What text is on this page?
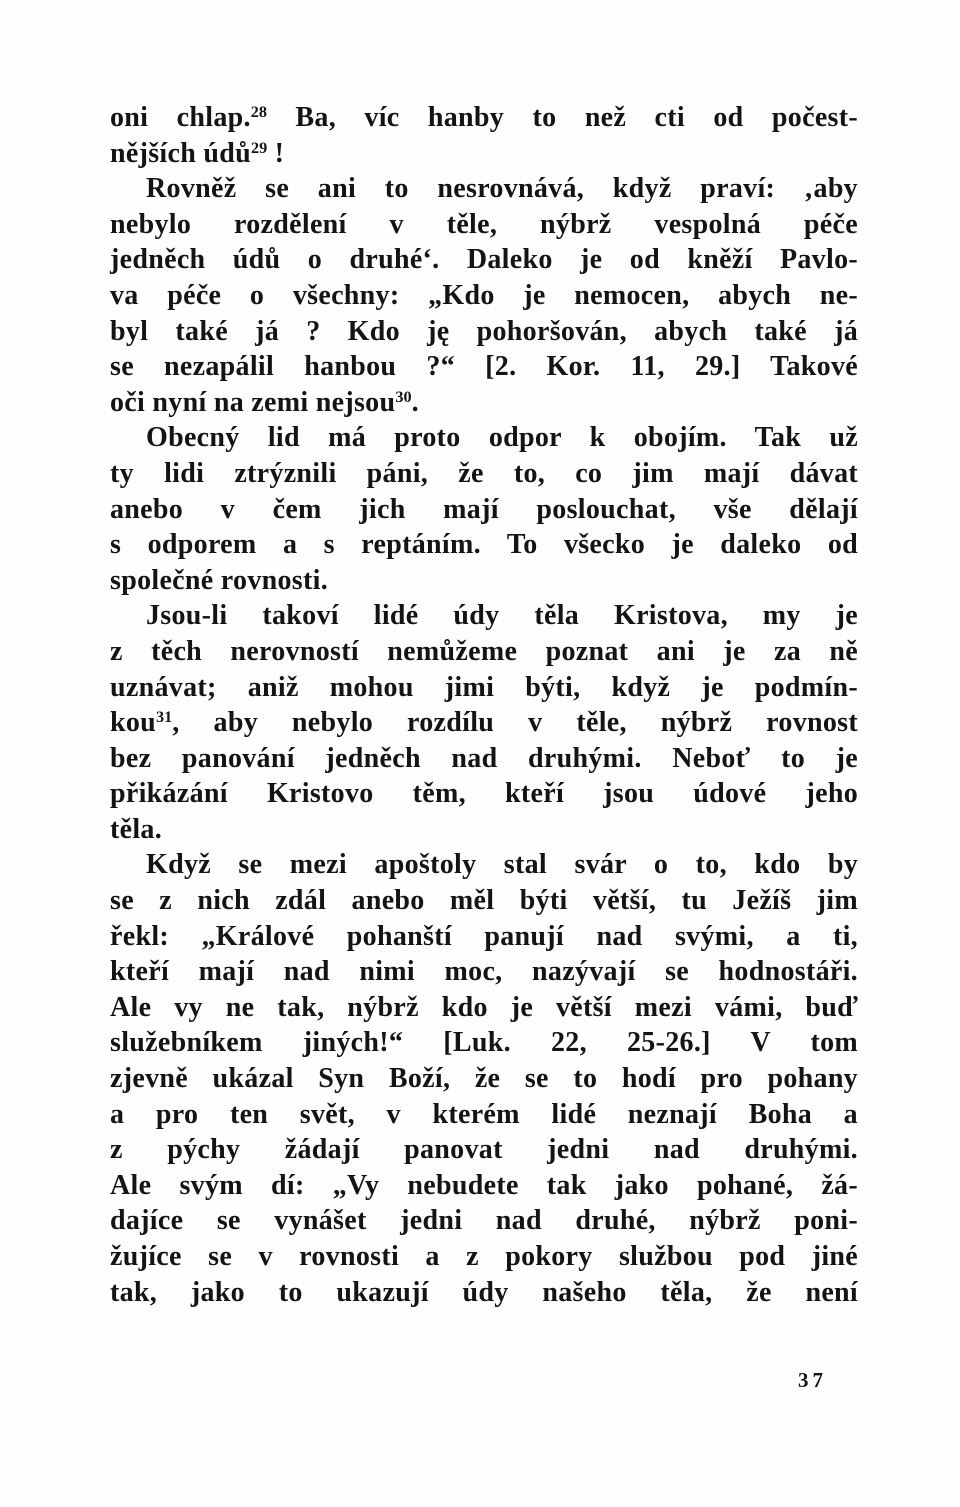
oni chlap.28 Ba, víc hanby to než cti od počest-
nějších údů29 !
Rovněž se ani to nesrovnává, když praví: ‚aby
nebylo rozdělení v těle, nýbrž vespolná péče
jedněch údů o druhé‘. Daleko je od kněží Pavlo-
va péče o všechny: „Kdo je nemocen, abych ne-
byl také já ? Kdo ję pohoršován, abych také já
se nezapálil hanbou ?“ [2. Kor. 11, 29.] Takové
oči nyní na zemi nejsou30.
Obecný lid má proto odpor k obojím. Tak už
ty lidi ztrýznili páni, že to, co jim mají dávat
anebo v čem jich mají poslouchat, vše dělají
s odporem a s reptáním. To všecko je daleko od
společné rovnosti.
Jsou-li takoví lidé údy těla Kristova, my je
z těch nerovností nemůžeme poznat ani je za ně
uznávat; aniž mohou jimi býti, když je podmín-
kou31, aby nebylo rozdílu v těle, nýbrž rovnost
bez panování jedněch nad druhými. Neboť to je
přikázání Kristovo těm, kteří jsou údové jeho
těla.
Když se mezi apoštoly stal svár o to, kdo by
se z nich zdál anebo měl býti větší, tu Ježíš jim
řekl: „Králové pohanští panují nad svými, a ti,
kteří mají nad nimi moc, nazývají se hodnostáři.
Ale vy ne tak, nýbrž kdo je větší mezi vámi, buď
služebníkem jiných!“ [Luk. 22, 25-26.] V tom
zjevně ukázal Syn Boží, že se to hodí pro pohany
a pro ten svět, v kterém lidé neznají Boha a
z pýchy žádají panovat jedni nad druhými.
Ale svým dí: „Vy nebudete tak jako pohané, žá-
dajíce se vynášet jedni nad druhé, nýbrž poni-
žujíce se v rovnosti a z pokory službou pod jiné
tak, jako to ukazují údy našeho těla, že není
37
